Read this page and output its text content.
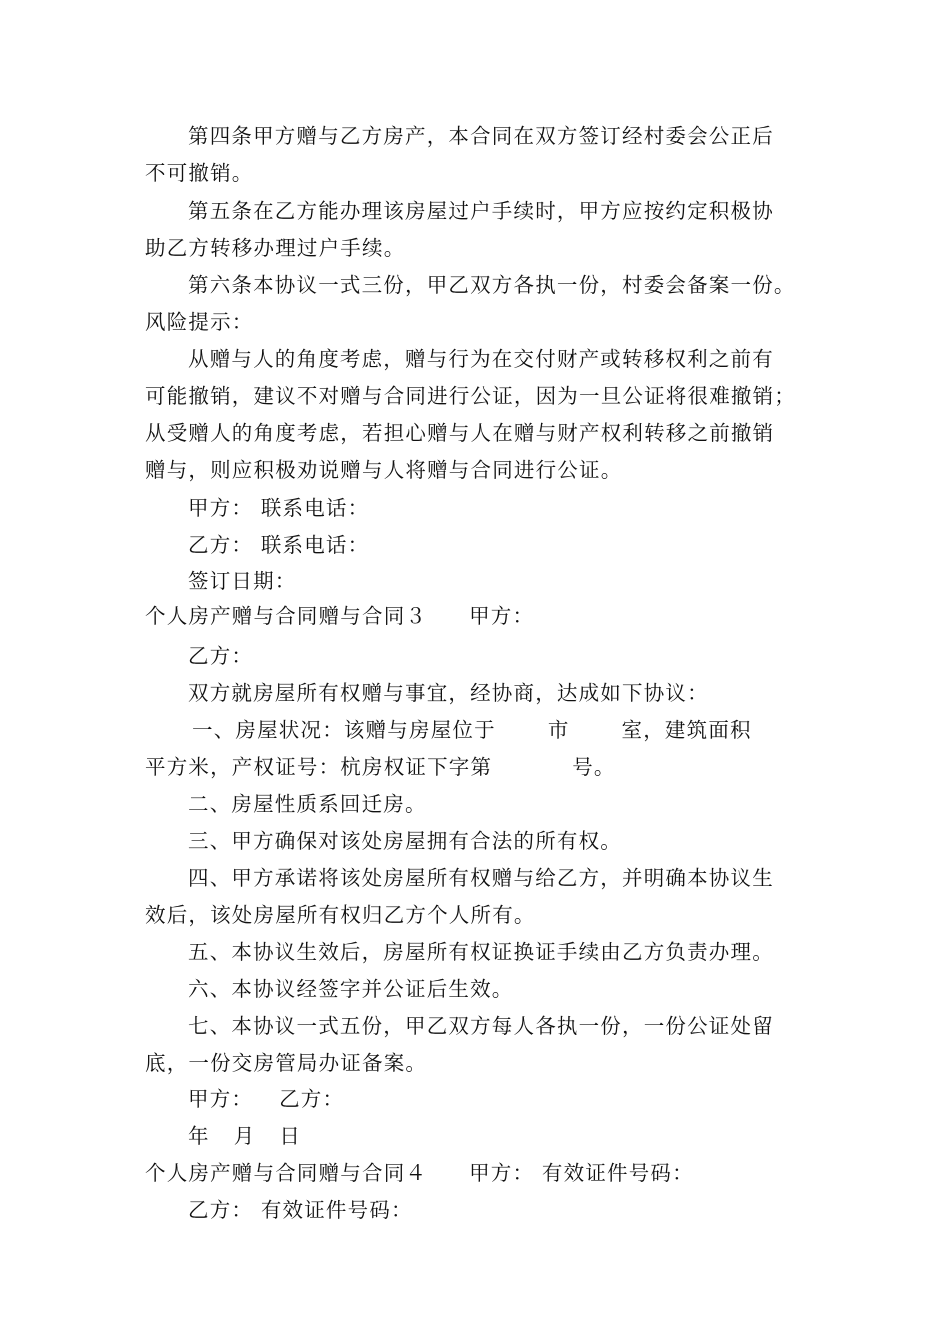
第四条甲方赠与乙方房产，本合同在双方签订经村委会公正后

不可撤销。

第五条在乙方能办理该房屋过户手续时，甲方应按约定积极协

助乙方转移办理过户手续。

第六条本协议一式三份，甲乙双方各执一份，村委会备案一份。

风险提示：

从赠与人的角度考虑，赠与行为在交付财产或转移权利之前有

可能撤销，建议不对赠与合同进行公证，因为一旦公证将很难撤销；

从受赠人的角度考虑，若担心赠与人在赠与财产权利转移之前撤销

赠与，则应积极劝说赠与人将赠与合同进行公证。

甲方： 联系电话：

乙方： 联系电话：

签订日期：

个人房产赠与合同赠与合同３ 甲方：

乙方：

双方就房屋所有权赠与事宜，经协商，达成如下协议：

一、房屋状况：该赠与房屋位于	市	室，建筑面积

平方米，产权证号：杭房权证下字第	号。

二、房屋性质系回迁房。

三、甲方确保对该处房屋拥有合法的所有权。

四、甲方承诺将该处房屋所有权赠与给乙方，并明确本协议生

效后，该处房屋所有权归乙方个人所有。

五、本协议生效后，房屋所有权证换证手续由乙方负责办理。

六、本协议经签字并公证后生效。

七、本协议一式五份，甲乙双方每人各执一份，一份公证处留

底，一份交房管局办证备案。

甲方： 乙方：

年 月 日

个人房产赠与合同赠与合同４ 甲方： 有效证件号码：

乙方： 有效证件号码：
